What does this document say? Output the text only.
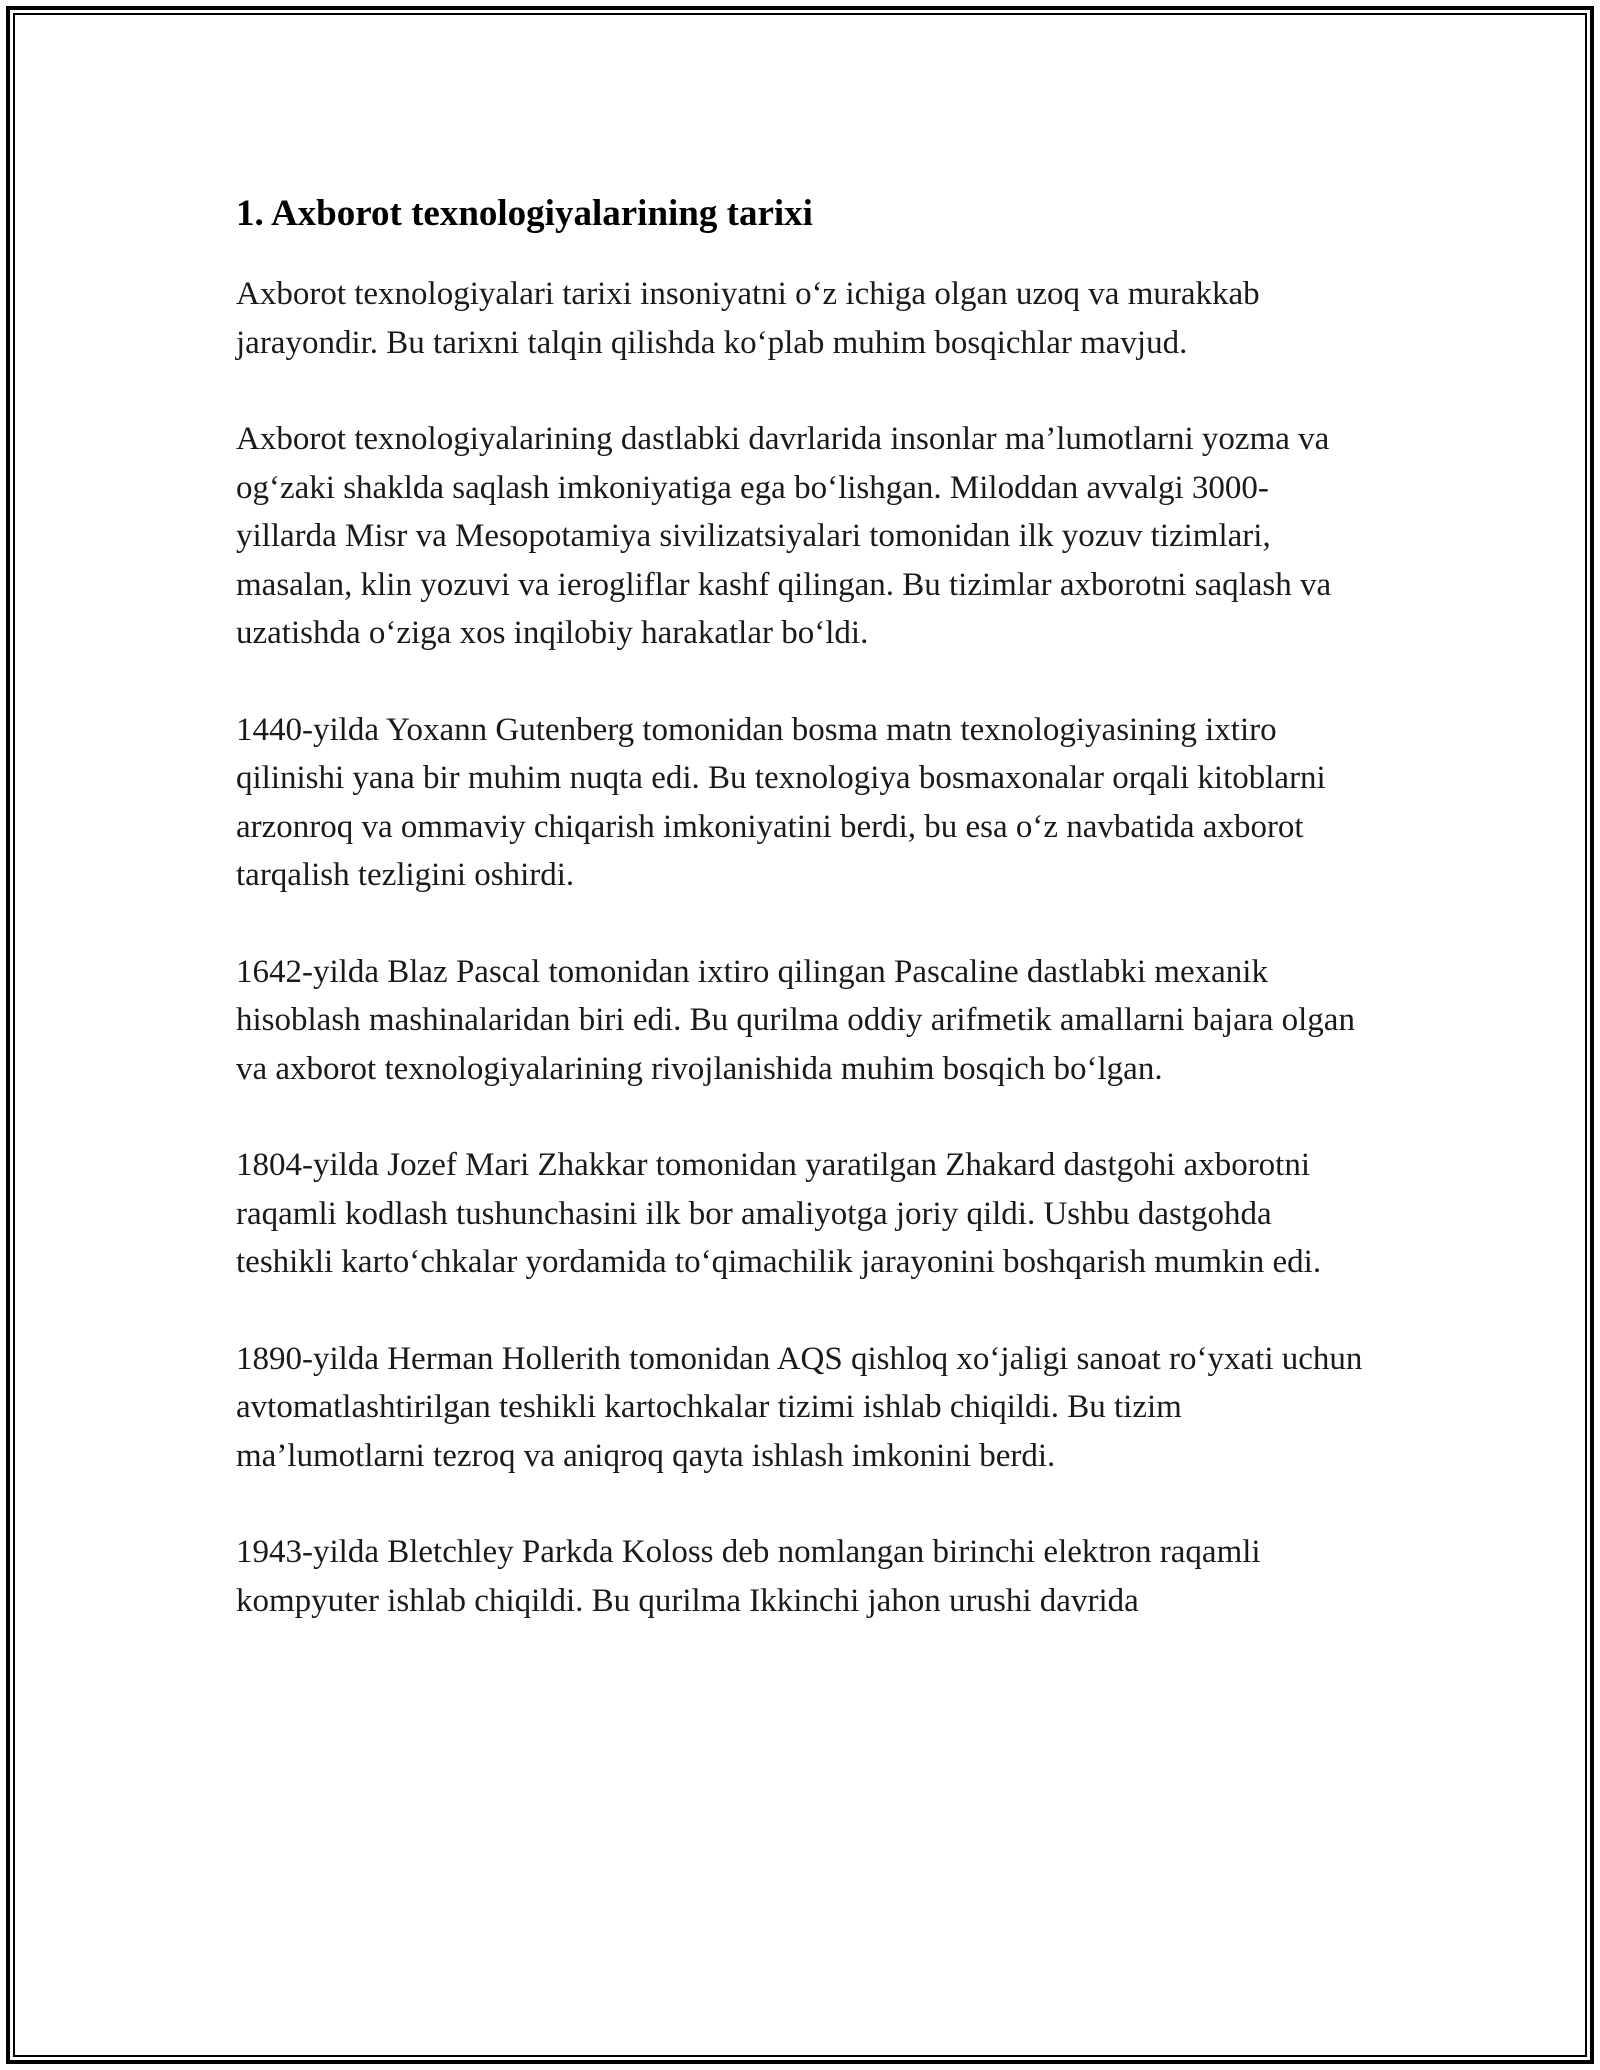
1. Axborot texnologiyalarining tarixi

Axborot texnologiyalari tarixi insoniyatni o‘z ichiga olgan uzoq va murakkab jarayondir. Bu tarixni talqin qilishda ko‘plab muhim bosqichlar mavjud.

Axborot texnologiyalarining dastlabki davrlarida insonlar ma’lumotlarni yozma va og‘zaki shaklda saqlash imkoniyatiga ega bo‘lishgan. Miloddan avvalgi 3000-yillarda Misr va Mesopotamiya sivilizatsiyalari tomonidan ilk yozuv tizimlari, masalan, klin yozuvi va ierogliflar kashf qilingan. Bu tizimlar axborotni saqlash va uzatishda o‘ziga xos inqilobiy harakatlar bo‘ldi.

1440-yilda Yoxann Gutenberg tomonidan bosma matn texnologiyasining ixtiro qilinishi yana bir muhim nuqta edi. Bu texnologiya bosmaxonalar orqali kitoblarni arzonroq va ommaviy chiqarish imkoniyatini berdi, bu esa o‘z navbatida axborot tarqalish tezligini oshirdi.

1642-yilda Blaz Pascal tomonidan ixtiro qilingan Pascaline dastlabki mexanik hisoblash mashinalaridan biri edi. Bu qurilma oddiy arifmetik amallarni bajara olgan va axborot texnologiyalarining rivojlanishida muhim bosqich bo‘lgan.

1804-yilda Jozef Mari Zhakkar tomonidan yaratilgan Zhakard dastgohi axborotni raqamli kodlash tushunchasini ilk bor amaliyotga joriy qildi. Ushbu dastgohda teshikli karto‘chkalar yordamida to‘qimachilik jarayonini boshqarish mumkin edi.

1890-yilda Herman Hollerith tomonidan AQS qishloq xo‘jaligi sanoat ro‘yxati uchun avtomatlashtirilgan teshikli kartochkalar tizimi ishlab chiqildi. Bu tizim ma’lumotlarni tezroq va aniqroq qayta ishlash imkonini berdi.

1943-yilda Bletchley Parkda Koloss deb nomlangan birinchi elektron raqamli kompyuter ishlab chiqildi. Bu qurilma Ikkinchi jahon urushi davrida
